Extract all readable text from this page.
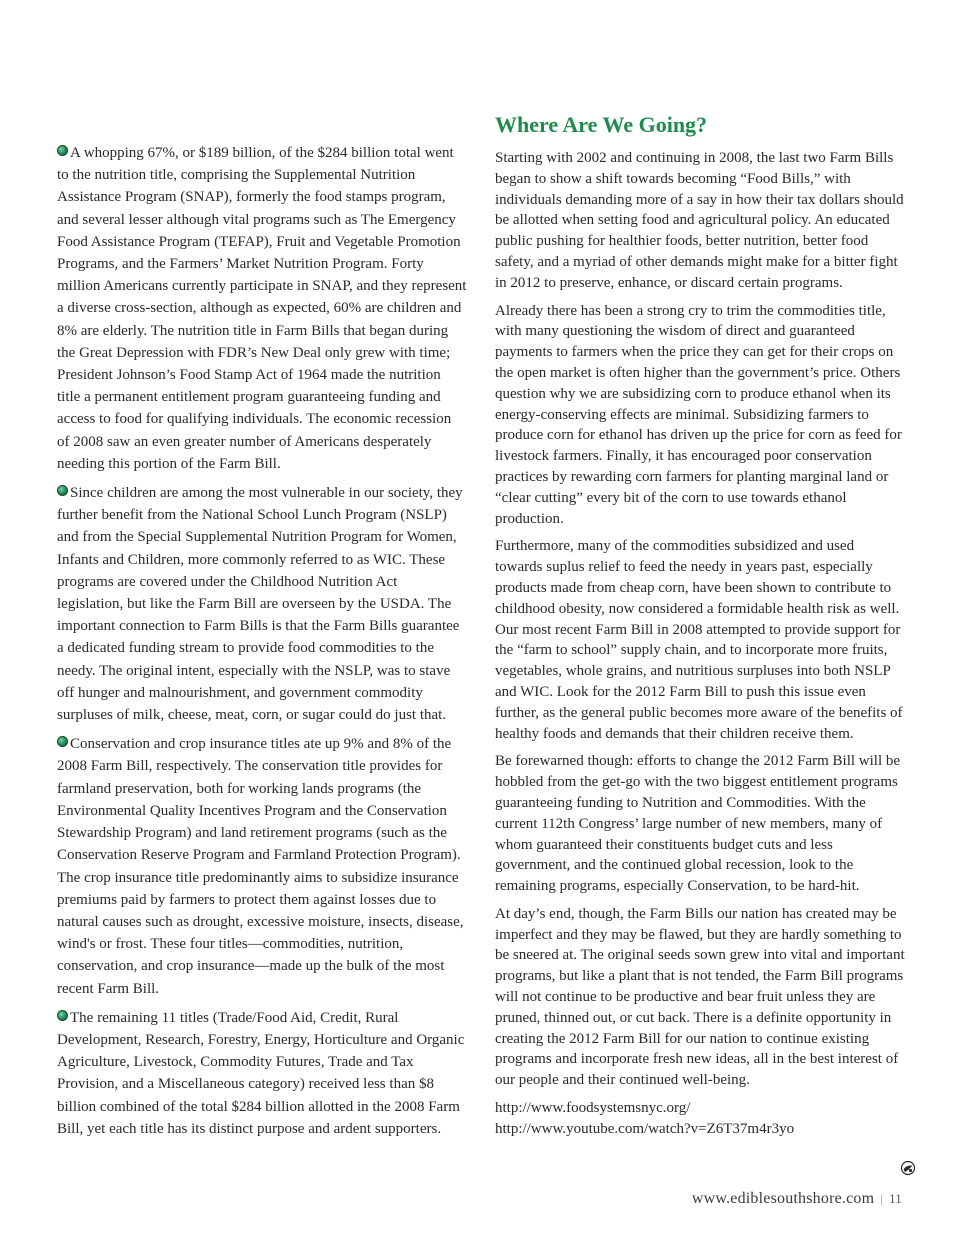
A whopping 67%, or $189 billion, of the $284 billion total went to the nutrition title, comprising the Supplemental Nutrition Assistance Program (SNAP), formerly the food stamps program, and several lesser although vital programs such as The Emergency Food Assistance Program (TEFAP), Fruit and Vegetable Promotion Programs, and the Farmers’ Market Nutrition Program. Forty million Americans currently participate in SNAP, and they represent a diverse cross-section, although as expected, 60% are children and 8% are elderly. The nutrition title in Farm Bills that began during the Great Depression with FDR’s New Deal only grew with time; President Johnson’s Food Stamp Act of 1964 made the nutrition title a permanent entitlement program guaranteeing funding and access to food for qualifying individuals. The economic recession of 2008 saw an even greater number of Americans desperately needing this portion of the Farm Bill.

Since children are among the most vulnerable in our society, they further benefit from the National School Lunch Program (NSLP) and from the Special Supplemental Nutrition Program for Women, Infants and Children, more commonly referred to as WIC. These programs are covered under the Childhood Nutrition Act legislation, but like the Farm Bill are overseen by the USDA. The important connection to Farm Bills is that the Farm Bills guarantee a dedicated funding stream to provide food commodities to the needy. The original intent, especially with the NSLP, was to stave off hunger and malnourishment, and government commodity surpluses of milk, cheese, meat, corn, or sugar could do just that.

Conservation and crop insurance titles ate up 9% and 8% of the 2008 Farm Bill, respectively. The conservation title provides for farmland preservation, both for working lands programs (the Environmental Quality Incentives Program and the Conservation Stewardship Program) and land retirement programs (such as the Conservation Reserve Program and Farmland Protection Program). The crop insurance title predominantly aims to subsidize insurance premiums paid by farmers to protect them against losses due to natural causes such as drought, excessive moisture, insects, disease, wind's or frost. These four titles—commodities, nutrition, conservation, and crop insurance—made up the bulk of the most recent Farm Bill.

The remaining 11 titles (Trade/Food Aid, Credit, Rural Development, Research, Forestry, Energy, Horticulture and Organic Agriculture, Livestock, Commodity Futures, Trade and Tax Provision, and a Miscellaneous category) received less than $8 billion combined of the total $284 billion allotted in the 2008 Farm Bill, yet each title has its distinct purpose and ardent supporters.

Where Are We Going?

Starting with 2002 and continuing in 2008, the last two Farm Bills began to show a shift towards becoming “Food Bills,” with individuals demanding more of a say in how their tax dollars should be allotted when setting food and agricultural policy. An educated public pushing for healthier foods, better nutrition, better food safety, and a myriad of other demands might make for a bitter fight in 2012 to preserve, enhance, or discard certain programs.

Already there has been a strong cry to trim the commodities title, with many questioning the wisdom of direct and guaranteed payments to farmers when the price they can get for their crops on the open market is often higher than the government’s price. Others question why we are subsidizing corn to produce ethanol when its energy-conserving effects are minimal. Subsidizing farmers to produce corn for ethanol has driven up the price for corn as feed for livestock farmers. Finally, it has encouraged poor conservation practices by rewarding corn farmers for planting marginal land or “clear cutting” every bit of the corn to use towards ethanol production.

Furthermore, many of the commodities subsidized and used towards suplus relief to feed the needy in years past, especially products made from cheap corn, have been shown to contribute to childhood obesity, now considered a formidable health risk as well. Our most recent Farm Bill in 2008 attempted to provide support for the “farm to school” supply chain, and to incorporate more fruits, vegetables, whole grains, and nutritious surpluses into both NSLP and WIC. Look for the 2012 Farm Bill to push this issue even further, as the general public becomes more aware of the benefits of healthy foods and demands that their children receive them.

Be forewarned though: efforts to change the 2012 Farm Bill will be hobbled from the get-go with the two biggest entitlement programs guaranteeing funding to Nutrition and Commodities. With the current 112th Congress’ large number of new members, many of whom guaranteed their constituents budget cuts and less government, and the continued global recession, look to the remaining programs, especially Conservation, to be hard-hit.

At day’s end, though, the Farm Bills our nation has created may be imperfect and they may be flawed, but they are hardly something to be sneered at. The original seeds sown grew into vital and important programs, but like a plant that is not tended, the Farm Bill programs will not continue to be productive and bear fruit unless they are pruned, thinned out, or cut back. There is a definite opportunity in creating the 2012 Farm Bill for our nation to continue existing programs and incorporate fresh new ideas, all in the best interest of our people and their continued well-being.

http://www.foodsystemsnyc.org/
http://www.youtube.com/watch?v=Z6T37m4r3yo
www.ediblesouthshore.com | 11
